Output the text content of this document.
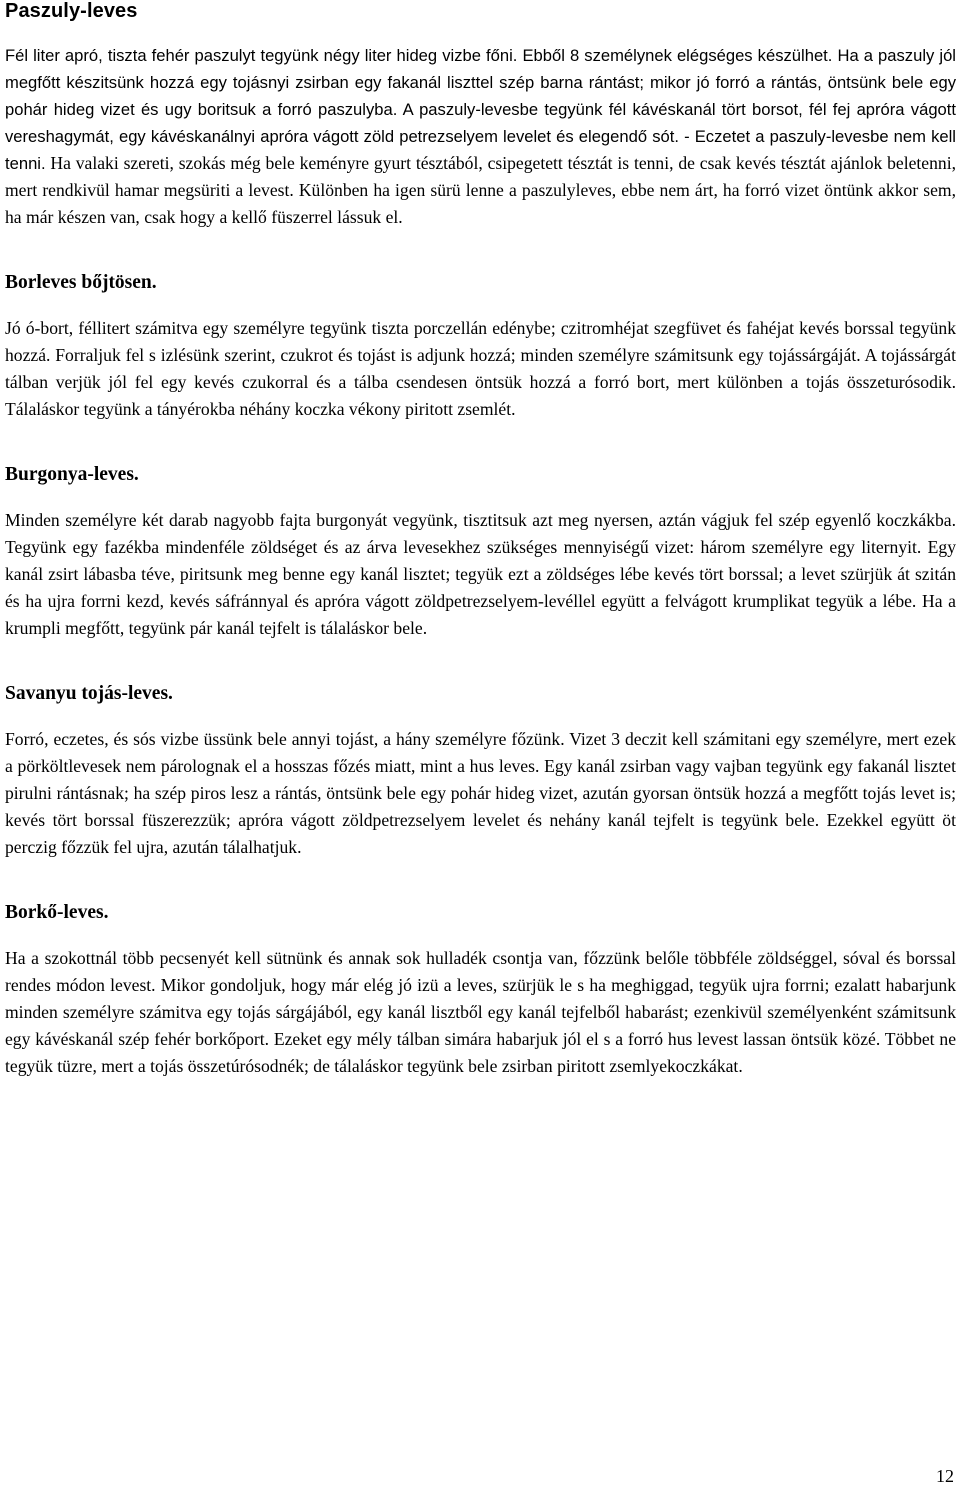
Paszuly-leves

Fél liter apró, tiszta fehér paszulyt tegyünk négy liter hideg vizbe főni. Ebből 8 személynek elégséges készülhet. Ha a paszuly jól megfőtt készitsünk hozzá egy tojásnyi zsirban egy fakanál liszttel szép barna rántást; mikor jó forró a rántás, öntsünk bele egy pohár hideg vizet és ugy boritsuk a forró paszulyba. A paszuly-levesbe tegyünk fél kávéskanál tört borsot, fél fej apróra vágott vereshagymát, egy kávéskanálnyi apróra vágott zöld petrezselyem levelet és elegendő sót. - Eczetet a paszuly-levesbe nem kell tenni. Ha valaki szereti, szokás még bele keményre gyurt tésztából, csipegetett tésztát is tenni, de csak kevés tésztát ajánlok beletenni, mert rendkivül hamar megsüriti a levest. Különben ha igen sürü lenne a paszulyleves, ebbe nem árt, ha forró vizet öntünk akkor sem, ha már készen van, csak hogy a kellő füszerrel lássuk el.

Borleves bőjtösen.

Jó ó-bort, féllitert számitva egy személyre tegyünk tiszta porczellán edénybe; czitromhéjat szegfüvet és fahéjat kevés borssal tegyünk hozzá. Forraljuk fel s izlésünk szerint, czukrot és tojást is adjunk hozzá; minden személyre számitsunk egy tojássárgáját. A tojássárgát tálban verjük jól fel egy kevés czukorral és a tálba csendesen öntsük hozzá a forró bort, mert különben a tojás összeturósodik. Tálaláskor tegyünk a tányérokba néhány koczka vékony piritott zsemlét.

Burgonya-leves.

Minden személyre két darab nagyobb fajta burgonyát vegyünk, tisztitsuk azt meg nyersen, aztán vágjuk fel szép egyenlő koczkákba. Tegyünk egy fazékba mindenféle zöldséget és az árva levesekhez szükséges mennyiségű vizet: három személyre egy liternyit. Egy kanál zsirt lábasba téve, piritsunk meg benne egy kanál lisztet; tegyük ezt a zöldséges lébe kevés tört borssal; a levet szürjük át szitán és ha ujra forrni kezd, kevés sáfránnyal és apróra vágott zöldpetrezselyem-levéllel együtt a felvágott krumplikat tegyük a lébe. Ha a krumpli megfőtt, tegyünk pár kanál tejfelt is tálaláskor bele.

Savanyu tojás-leves.

Forró, eczetes, és sós vizbe üssünk bele annyi tojást, a hány személyre főzünk. Vizet 3 deczit kell számitani egy személyre, mert ezek a pörköltlevesek nem párolognak el a hosszas főzés miatt, mint a hus leves. Egy kanál zsirban vagy vajban tegyünk egy fakanál lisztet pirulni rántásnak; ha szép piros lesz a rántás, öntsünk bele egy pohár hideg vizet, azután gyorsan öntsük hozzá a megfőtt tojás levet is; kevés tört borssal füszerezzük; apróra vágott zöldpetrezselyem levelet és nehány kanál tejfelt is tegyünk bele. Ezekkel együtt öt perczig főzzük fel ujra, azután tálalhatjuk.

Borkő-leves.

Ha a szokottnál több pecsenyét kell sütnünk és annak sok hulladék csontja van, főzzünk belőle többféle zöldséggel, sóval és borssal rendes módon levest. Mikor gondoljuk, hogy már elég jó izü a leves, szürjük le s ha meghiggad, tegyük ujra forrni; ezalatt habarjunk minden személyre számitva egy tojás sárgájából, egy kanál lisztből egy kanál tejfelből habarást; ezenkivül személyenként számitsunk egy kávéskanál szép fehér borkőport. Ezeket egy mély tálban simára habarjuk jól el s a forró hus levest lassan öntsük közé. Többet ne tegyük tüzre, mert a tojás összetúrósodnék; de tálaláskor tegyünk bele zsirban piritott zsemlyekoczkákat.

12
